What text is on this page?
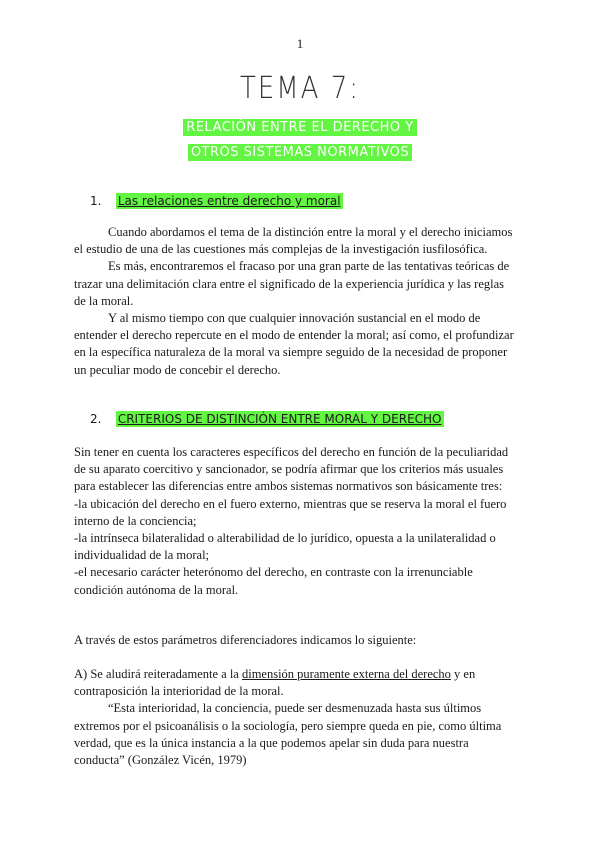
1
TEMA 7:
RELACIÓN ENTRE EL DERECHO Y
OTROS SISTEMAS NORMATIVOS
1. Las relaciones entre derecho y moral

Cuando abordamos el tema de la distinción entre la moral y el derecho iniciamos el estudio de una de las cuestiones más complejas de la investigación iusfilosófica.

Es más, encontraremos el fracaso por una gran parte de las tentativas teóricas de trazar una delimitación clara entre el significado de la experiencia jurídica y las reglas de la moral.

Y al mismo tiempo con que cualquier innovación sustancial en el modo de entender el derecho repercute en el modo de entender la moral; así como, el profundizar en la específica naturaleza de la moral va siempre seguido de la necesidad de proponer un peculiar modo de concebir el derecho.

2. CRITERIOS DE DISTINCIÓN ENTRE MORAL Y DERECHO

Sin tener en cuenta los caracteres específicos del derecho en función de la peculiaridad de su aparato coercitivo y sancionador, se podría afirmar que los criterios más usuales para establecer las diferencias entre ambos sistemas normativos son básicamente tres:

-la ubicación del derecho en el fuero externo, mientras que se reserva la moral el fuero interno de la conciencia;

-la intrínseca bilateralidad o alterabilidad de lo jurídico, opuesta a la unilateralidad o individualidad de la moral;

-el necesario carácter heterónomo del derecho, en contraste con la irrenunciable condición autónoma de la moral.

A través de estos parámetros diferenciadores indicamos lo siguiente:

A) Se aludirá reiteradamente a la dimensión puramente externa del derecho y en contraposición la interioridad de la moral.

“Esta interioridad, la conciencia, puede ser desmenuzada hasta sus últimos extremos por el psicoanálisis o la sociología, pero siempre queda en pie, como última verdad, que es la única instancia a la que podemos apelar sin duda para nuestra conducta” (González Vicén, 1979)
